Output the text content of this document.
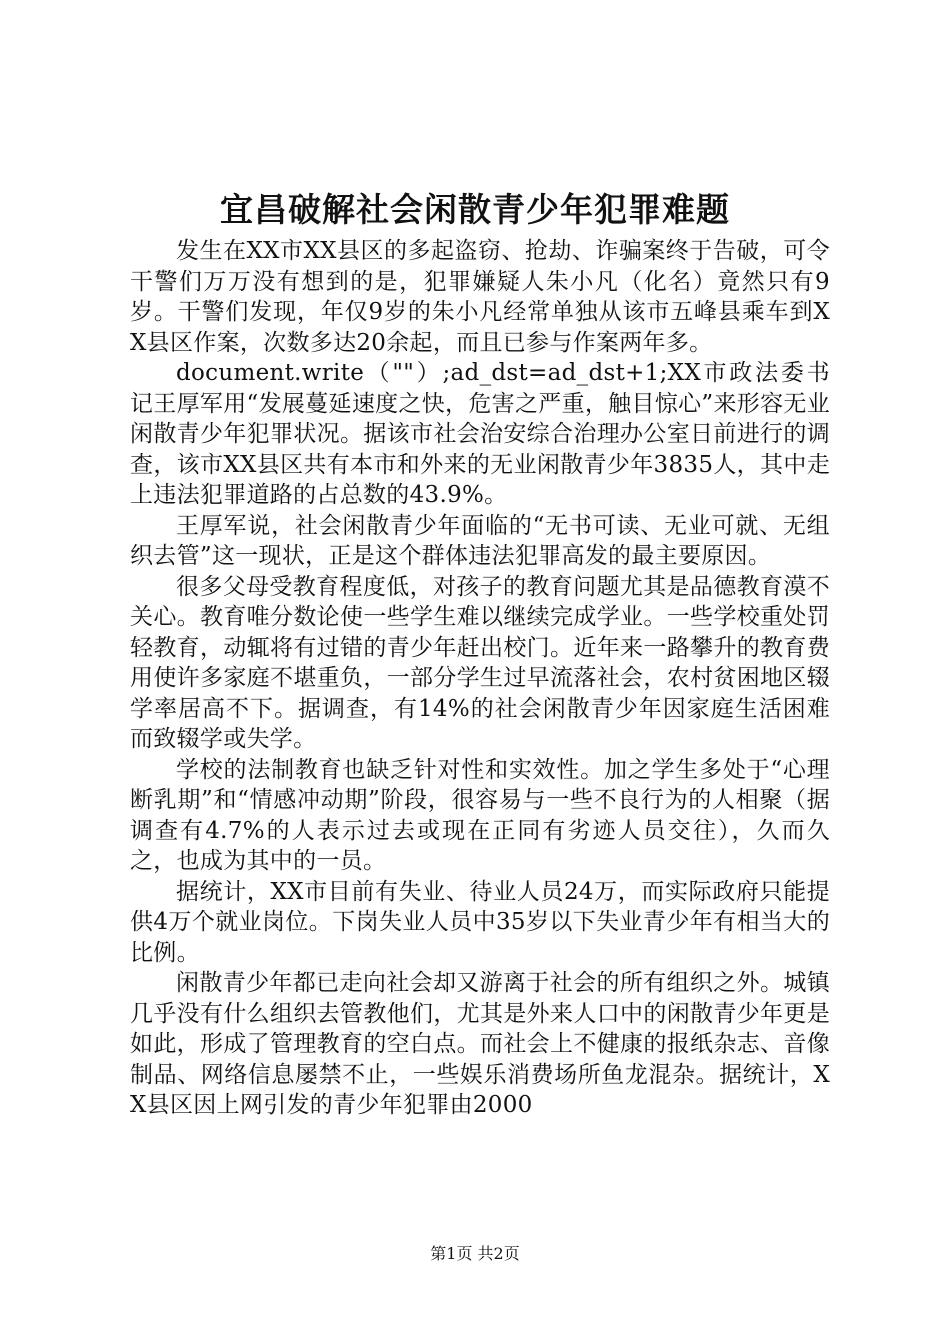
宜昌破解社会闲散青少年犯罪难题

发生在XX市XX县区的多起盗窃、抢劫、诈骗案终于告破，可令干警们万万没有想到的是，犯罪嫌疑人朱小凡（化名）竟然只有9岁。干警们发现，年仅9岁的朱小凡经常单独从该市五峰县乘车到XX县区作案，次数多达20余起，而且已参与作案两年多。

document.write（""）;ad_dst=ad_dst+1;XX市政法委书记王厚军用“发展蔓延速度之快，危害之严重，触目惊心”来形容无业闲散青少年犯罪状况。据该市社会治安综合治理办公室日前进行的调查，该市XX县区共有本市和外来的无业闲散青少年3835人，其中走上违法犯罪道路的占总数的43.9%。

王厚军说，社会闲散青少年面临的“无书可读、无业可就、无组织去管”这一现状，正是这个群体违法犯罪高发的最主要原因。

很多父母受教育程度低，对孩子的教育问题尤其是品德教育漠不关心。教育唯分数论使一些学生难以继续完成学业。一些学校重处罚轻教育，动辄将有过错的青少年赶出校门。近年来一路攀升的教育费用使许多家庭不堪重负，一部分学生过早流落社会，农村贫困地区辍学率居高不下。据调查，有14%的社会闲散青少年因家庭生活困难而致辍学或失学。

学校的法制教育也缺乏针对性和实效性。加之学生多处于“心理断乳期”和“情感冲动期”阶段，很容易与一些不良行为的人相聚（据调查有4.7%的人表示过去或现在正同有劣迹人员交往），久而久之，也成为其中的一员。

据统计，XX市目前有失业、待业人员24万，而实际政府只能提供4万个就业岗位。下岗失业人员中35岁以下失业青少年有相当大的比例。

闲散青少年都已走向社会却又游离于社会的所有组织之外。城镇几乎没有什么组织去管教他们，尤其是外来人口中的闲散青少年更是如此，形成了管理教育的空白点。而社会上不健康的报纸杂志、音像制品、网络信息屡禁不止，一些娱乐消费场所鱼龙混杂。据统计，XX县区因上网引发的青少年犯罪由2000

第1页 共2页
